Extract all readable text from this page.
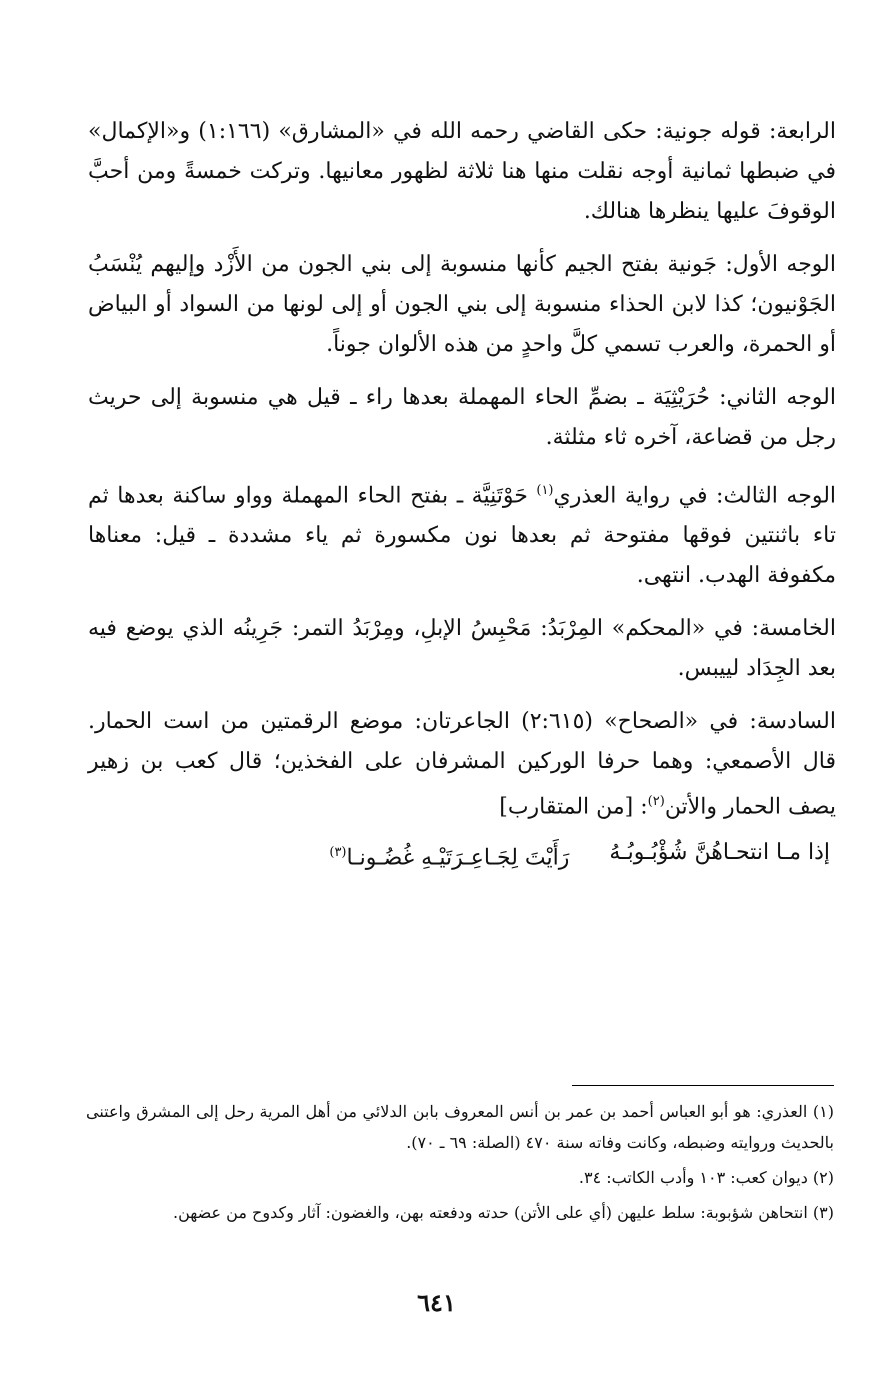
الرابعة: قوله جونية: حكى القاضي رحمه الله في «المشارق» (١:١٦٦) و«الإكمال» في ضبطها ثمانية أوجه نقلت منها هنا ثلاثة لظهور معانيها. وتركت خمسةً ومن أحبَّ الوقوفَ عليها ينظرها هنالك.

الوجه الأول: جَونية بفتح الجيم كأنها منسوبة إلى بني الجون من الأَزْد وإليهم يُنْسَبُ الجَوْنيون؛ كذا لابن الحذاء منسوبة إلى بني الجون أو إلى لونها من السواد أو البياض أو الحمرة، والعرب تسمي كلَّ واحدٍ من هذه الألوان جوناً.

الوجه الثاني: حُرَيْثِيَة ـ بضمِّ الحاء المهملة بعدها راء ـ قيل هي منسوبة إلى حريث رجل من قضاعة، آخره ثاء مثلثة.

الوجه الثالث: في رواية العذري$^{(١)}$ حَوْتَنِيَّة ـ بفتح الحاء المهملة وواو ساكنة بعدها ثم تاء باثنتين فوقها مفتوحة ثم بعدها نون مكسورة ثم ياء مشددة ـ قيل: معناها مكفوفة الهدب. انتهى.

الخامسة: في «المحكم» المِرْبَدُ: مَحْبِسُ الإبلِ، ومِرْبَدُ التمر: جَرِينُه الذي يوضع فيه بعد الجِدَاد لييبس.

السادسة: في «الصحاح» (٢:٦١٥) الجاعرتان: موضع الرقمتين من است الحمار. قال الأصمعي: وهما حرفا الوركين المشرفان على الفخذين؛ قال كعب بن زهير يصف الحمار والأتن$^{(٢)}$: [من المتقارب]

إذا مـا انتحـاهُنَّ شُؤْبُـوبُـهُ
رَأَيْتَ لِجَـاعِـرَتَيْـهِ غُضُـونـا$^{(٣)}$

(١) العذري: هو أبو العباس أحمد بن عمر بن أنس المعروف بابن الدلائي من أهل المرية رحل إلى المشرق واعتنى بالحديث وروايته وضبطه، وكانت وفاته سنة ٤٧٠ (الصلة: ٦٩ ـ ٧٠).

(٢) ديوان كعب: ١٠٣ وأدب الكاتب: ٣٤.

(٣) انتحاهن شؤبوبة: سلط عليهن (أي على الأتن) حدته ودفعته بهن، والغضون: آثار وكدوح من عضهن.

٦٤١
